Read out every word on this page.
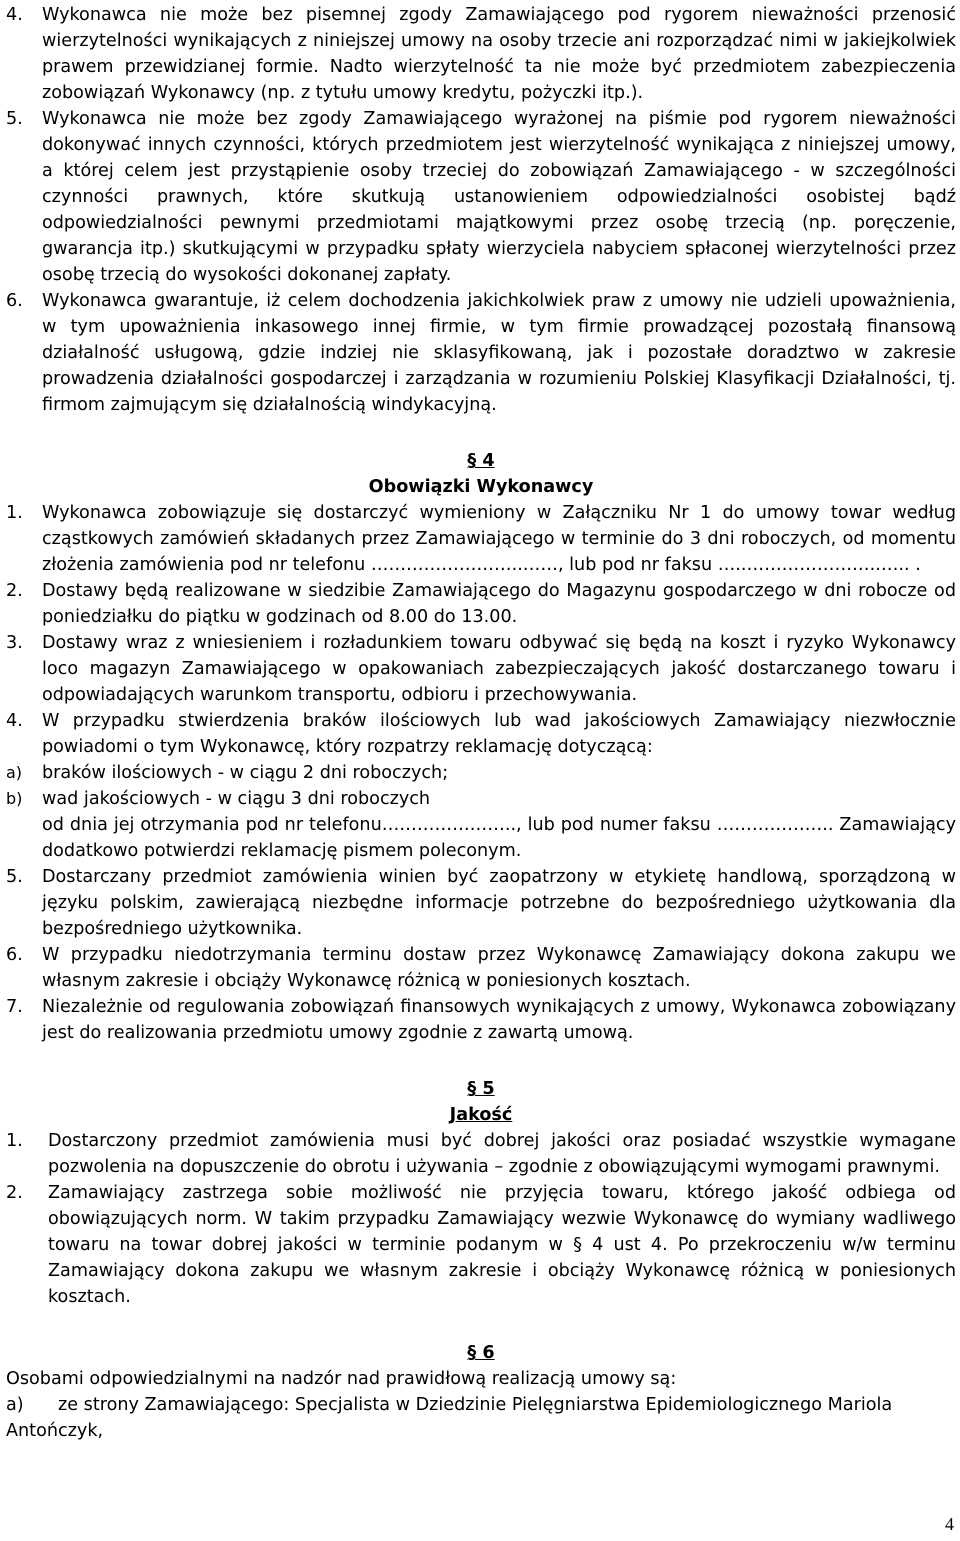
4. Wykonawca nie może bez pisemnej zgody Zamawiającego pod rygorem nieważności przenosić wierzytelności wynikających z niniejszej umowy na osoby trzecie ani rozporządzać nimi w jakiejkolwiek prawem przewidzianej formie. Nadto wierzytelność ta nie może być przedmiotem zabezpieczenia zobowiązań Wykonawcy (np. z tytułu umowy kredytu, pożyczki itp.).
5. Wykonawca nie może bez zgody Zamawiającego wyrażonej na piśmie pod rygorem nieważności dokonywać innych czynności, których przedmiotem jest wierzytelność wynikająca z niniejszej umowy, a której celem jest przystąpienie osoby trzeciej do zobowiązań Zamawiającego - w szczególności czynności prawnych, które skutkują ustanowieniem odpowiedzialności osobistej bądź odpowiedzialności pewnymi przedmiotami majątkowymi przez osobę trzecią (np. poręczenie, gwarancja itp.) skutkującymi w przypadku spłaty wierzyciela nabyciem spłaconej wierzytelności przez osobę trzecią do wysokości dokonanej zapłaty.
6. Wykonawca gwarantuje, iż celem dochodzenia jakichkolwiek praw z umowy nie udzieli upoważnienia, w tym upoważnienia inkasowego innej firmie, w tym firmie prowadzącej pozostałą finansową działalność usługową, gdzie indziej nie sklasyfikowaną, jak i pozostałe doradztwo w zakresie prowadzenia działalności gospodarczej i zarządzania w rozumieniu Polskiej Klasyfikacji Działalności, tj. firmom zajmującym się działalnością windykacyjną.
§ 4
Obowiązki Wykonawcy
1. Wykonawca zobowiązuje się dostarczyć wymieniony w Załączniku Nr 1 do umowy towar według cząstkowych zamówień składanych przez Zamawiającego w terminie do 3 dni roboczych, od momentu złożenia zamówienia pod nr telefonu ……………………..……, lub pod nr faksu …..…………………..….. .
2. Dostawy będą realizowane w siedzibie Zamawiającego do Magazynu gospodarczego w dni robocze od poniedziałku do piątku w godzinach od 8.00 do 13.00.
3. Dostawy wraz z wniesieniem i rozładunkiem towaru odbywać się będą na koszt i ryzyko Wykonawcy loco magazyn Zamawiającego w opakowaniach zabezpieczających jakość dostarczanego towaru i odpowiadających warunkom transportu, odbioru i przechowywania.
4. W przypadku stwierdzenia braków ilościowych lub wad jakościowych Zamawiający niezwłocznie powiadomi o tym Wykonawcę, który rozpatrzy reklamację dotyczącą:
a) braków ilościowych - w ciągu 2 dni roboczych;
b) wad jakościowych - w ciągu 3 dni roboczych
od dnia jej otrzymania pod nr telefonu………………….., lub pod numer faksu ……………….. Zamawiający dodatkowo potwierdzi reklamację pismem poleconym.
5. Dostarczany przedmiot zamówienia winien być zaopatrzony w etykietę handlową, sporządzoną w języku polskim, zawierającą niezbędne informacje potrzebne do bezpośredniego użytkowania dla bezpośredniego użytkownika.
6. W przypadku niedotrzymania terminu dostaw przez Wykonawcę Zamawiający dokona zakupu we własnym zakresie i obciąży Wykonawcę różnicą w poniesionych kosztach.
7. Niezależnie od regulowania zobowiązań finansowych wynikających z umowy, Wykonawca zobowiązany jest do realizowania przedmiotu umowy zgodnie z zawartą umową.
§ 5
Jakość
1. Dostarczony przedmiot zamówienia musi być dobrej jakości oraz posiadać wszystkie wymagane pozwolenia na dopuszczenie do obrotu i używania – zgodnie z obowiązującymi wymogami prawnymi.
2. Zamawiający zastrzega sobie możliwość nie przyjęcia towaru, którego jakość odbiega od obowiązujących norm. W takim przypadku Zamawiający wezwie Wykonawcę do wymiany wadliwego towaru na towar dobrej jakości w terminie podanym w § 4 ust 4. Po przekroczeniu w/w terminu Zamawiający dokona zakupu we własnym zakresie i obciąży Wykonawcę różnicą w poniesionych kosztach.
§ 6
Osobami odpowiedzialnymi na nadzór nad prawidłową realizacją umowy są:
a) ze strony Zamawiającego: Specjalista w Dziedzinie Pielęgniarstwa Epidemiologicznego Mariola
Antończyk,
4
